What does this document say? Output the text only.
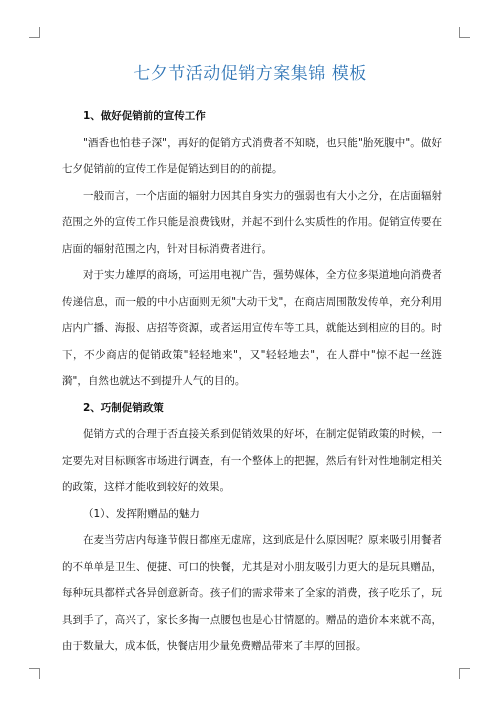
七夕节活动促销方案集锦 模板

1、做好促销前的宣传工作

"酒香也怕巷子深"，再好的促销方式消费者不知晓，也只能"胎死腹中"。做好七夕促销前的宣传工作是促销达到目的的前提。

一般而言，一个店面的辐射力因其自身实力的强弱也有大小之分，在店面辐射范围之外的宣传工作只能是浪费钱财，并起不到什么实质性的作用。促销宣传要在店面的辐射范围之内，针对目标消费者进行。

对于实力雄厚的商场，可运用电视广告，强势媒体，全方位多渠道地向消费者传递信息，而一般的中小店面则无须"大动干戈"，在商店周围散发传单，充分利用店内广播、海报、店招等资源，或者运用宣传车等工具，就能达到相应的目的。时下，不少商店的促销政策"轻轻地来"，又"轻轻地去"，在人群中"惊不起一丝涟漪"，自然也就达不到提升人气的目的。

2、巧制促销政策

促销方式的合理于否直接关系到促销效果的好坏，在制定促销政策的时候，一定要先对目标顾客市场进行调查，有一个整体上的把握，然后有针对性地制定相关的政策，这样才能收到较好的效果。

（1）、发挥附赠品的魅力

在麦当劳店内每逢节假日都座无虚席，这到底是什么原因呢？原来吸引用餐者的不单单是卫生、便捷、可口的快餐，尤其是对小朋友吸引力更大的是玩具赠品，每种玩具都样式各异创意新奇。孩子们的需求带来了全家的消费，孩子吃乐了，玩具到手了，高兴了，家长多掏一点腰包也是心甘情愿的。赠品的造价本来就不高，由于数量大，成本低，快餐店用少量免费赠品带来了丰厚的回报。
